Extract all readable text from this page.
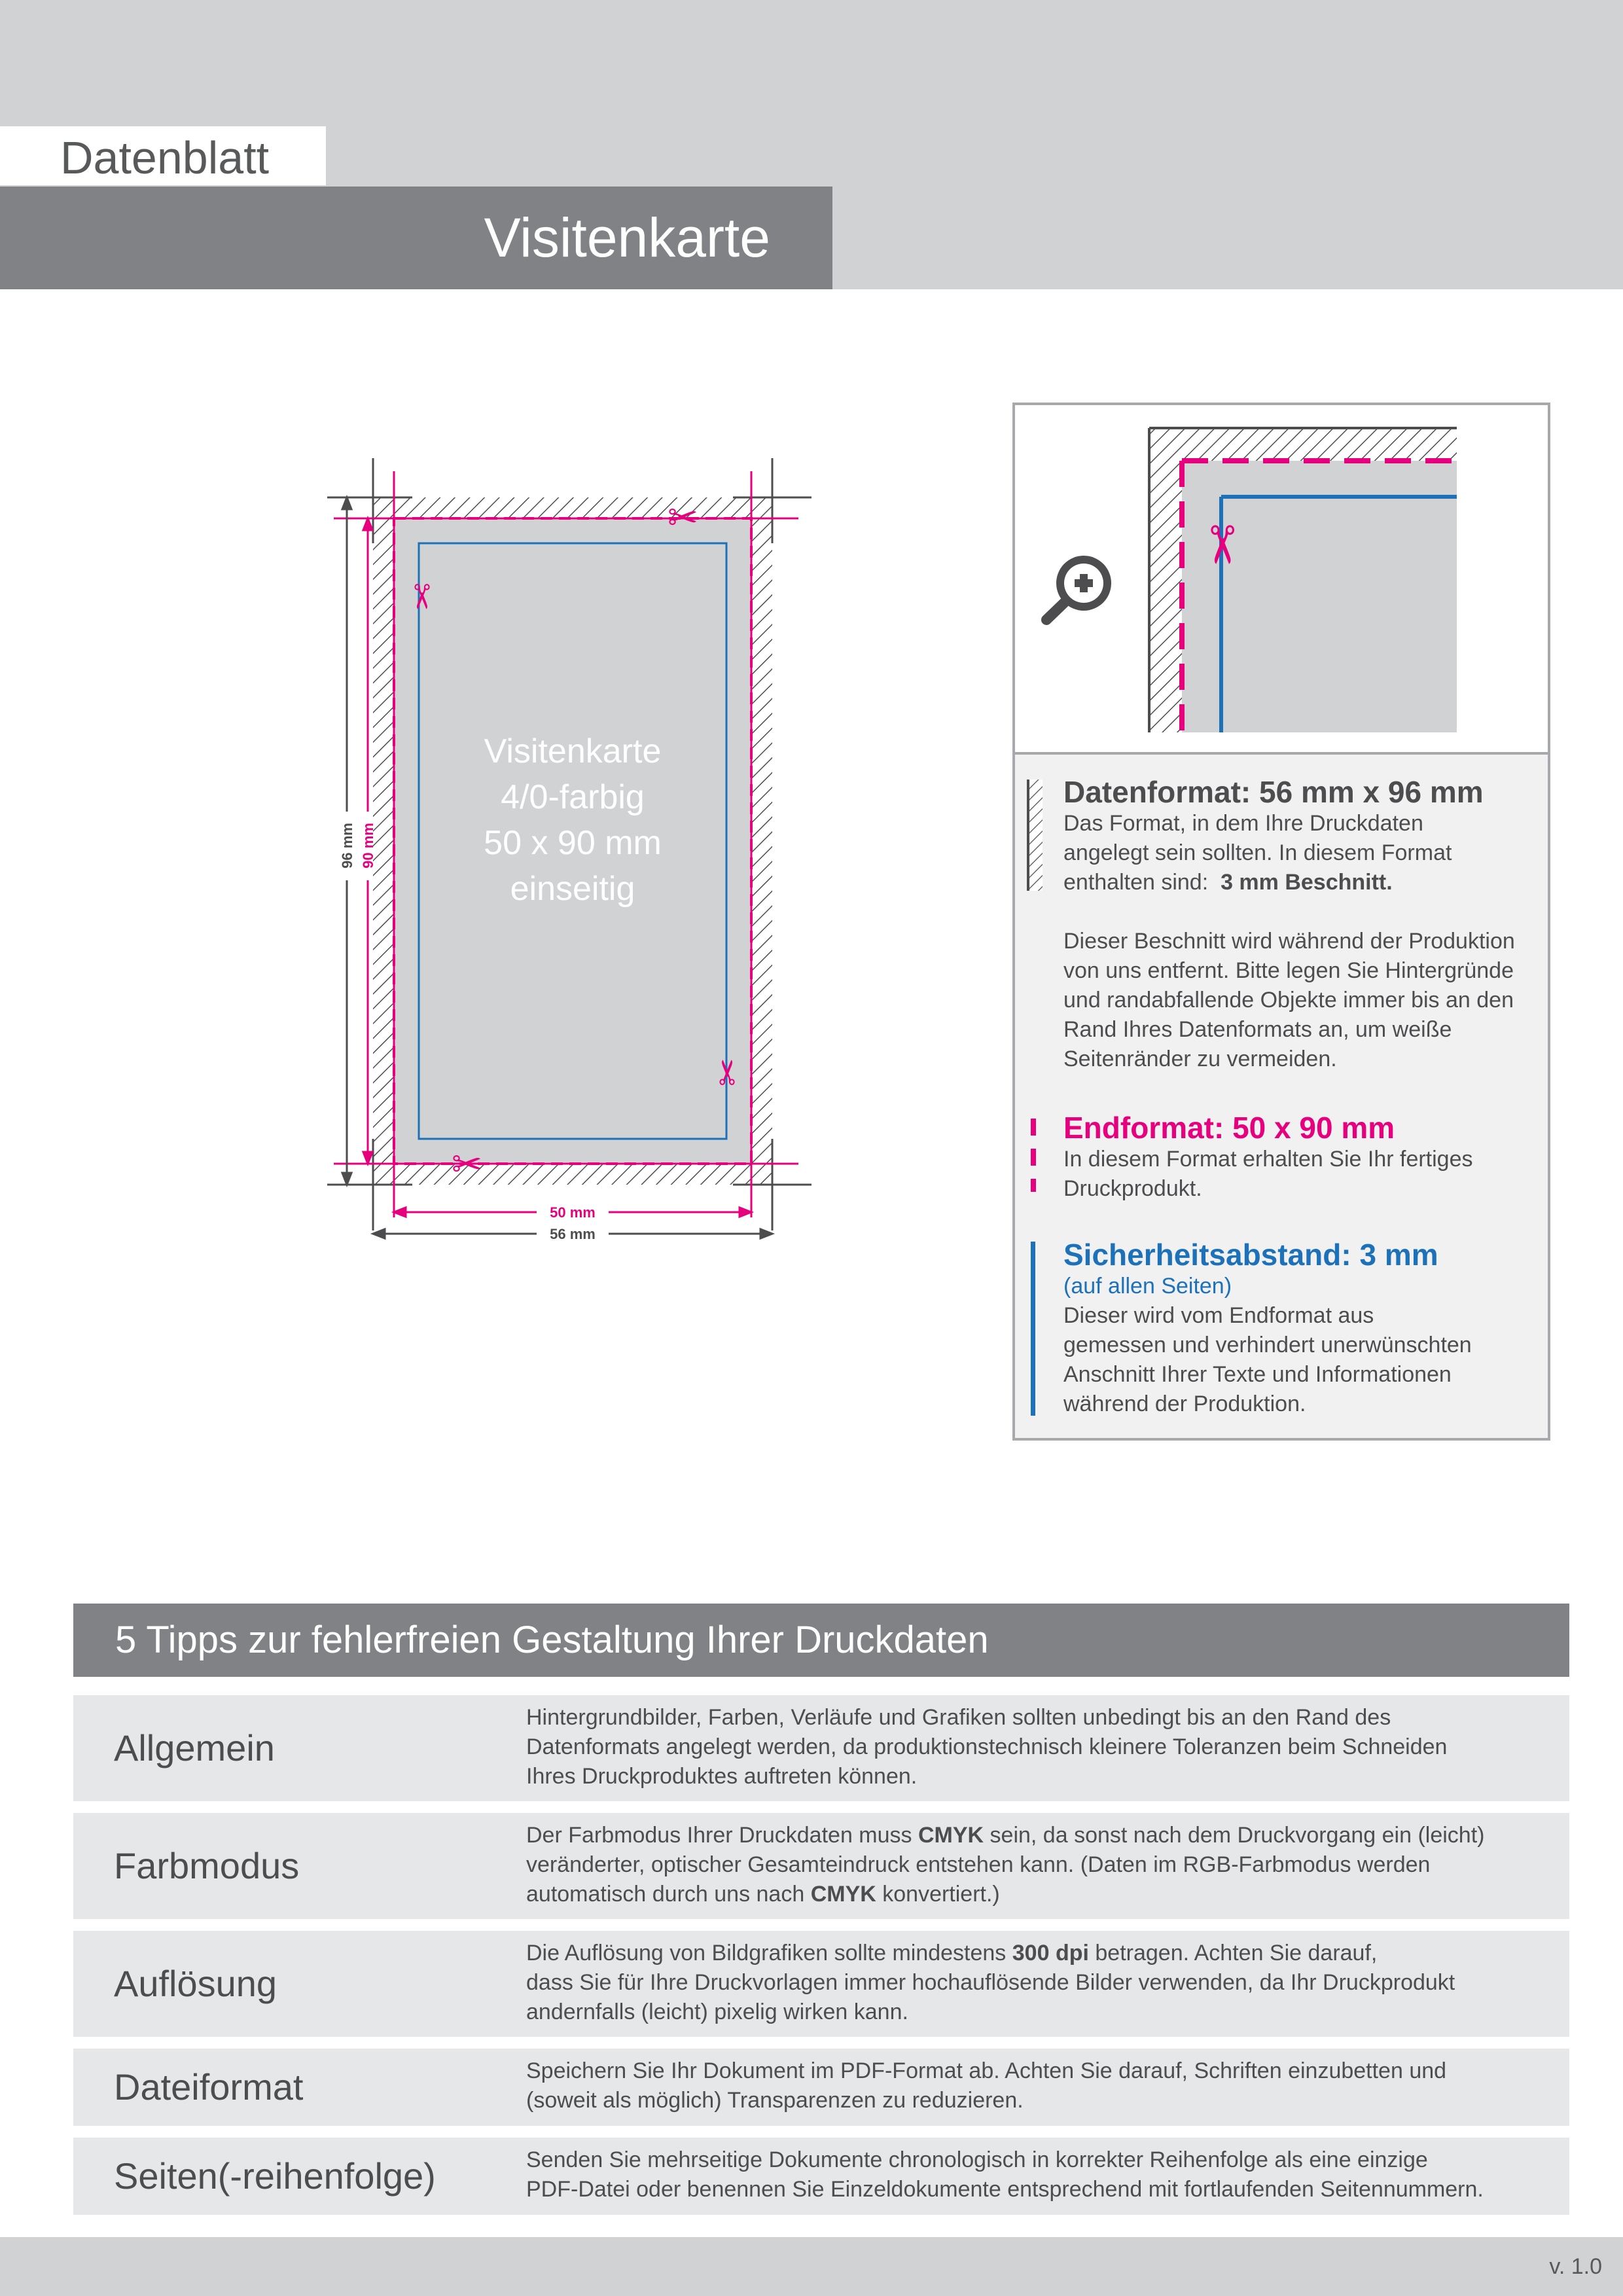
Datenblatt
Visitenkarte
✂
✂
✂
✂
Visitenkarte
4/0-farbig
50 x 90 mm
einseitig
96 mm 90 mm
50 mm
56 mm
✂
Datenformat: 56 mm x 96 mm
Das Format, in dem Ihre Druckdaten
angelegt sein sollten. In diesem Format
enthalten sind:  3 mm Beschnitt.
Dieser Beschnitt wird während der Produktion
von uns entfernt. Bitte legen Sie Hintergründe
und randabfallende Objekte immer bis an den
Rand Ihres Datenformats an, um weiße
Seitenränder zu vermeiden.
Endformat: 50 x 90 mm
In diesem Format erhalten Sie Ihr fertiges
Druckprodukt.
Sicherheitsabstand: 3 mm
(auf allen Seiten)
Dieser wird vom Endformat aus
gemessen und verhindert unerwünschten
Anschnitt Ihrer Texte und Informationen
während der Produktion.
5 Tipps zur fehlerfreien Gestaltung Ihrer Druckdaten
Allgemein
Hintergrundbilder, Farben, Verläufe und Grafiken sollten unbedingt bis an den Rand des
Datenformats angelegt werden, da produktionstechnisch kleinere Toleranzen beim Schneiden
Ihres Druckproduktes auftreten können.
Farbmodus
Der Farbmodus Ihrer Druckdaten muss CMYK sein, da sonst nach dem Druckvorgang ein (leicht)
veränderter, optischer Gesamteindruck entstehen kann. (Daten im RGB-Farbmodus werden
automatisch durch uns nach CMYK konvertiert.)
Auflösung
Die Auflösung von Bildgrafiken sollte mindestens 300 dpi betragen. Achten Sie darauf,
dass Sie für Ihre Druckvorlagen immer hochauflösende Bilder verwenden, da Ihr Druckprodukt
andernfalls (leicht) pixelig wirken kann.
Dateiformat	Speichern Sie Ihr Dokument im PDF-Format ab. Achten Sie darauf, Schriften einzubetten und
(soweit als möglich) Transparenzen zu reduzieren.
Seiten(-reihenfolge)	Senden Sie mehrseitige Dokumente chronologisch in korrekter Reihenfolge als eine einzige
PDF-Datei oder benennen Sie Einzeldokumente entsprechend mit fortlaufenden Seitennummern.
v. 1.0
